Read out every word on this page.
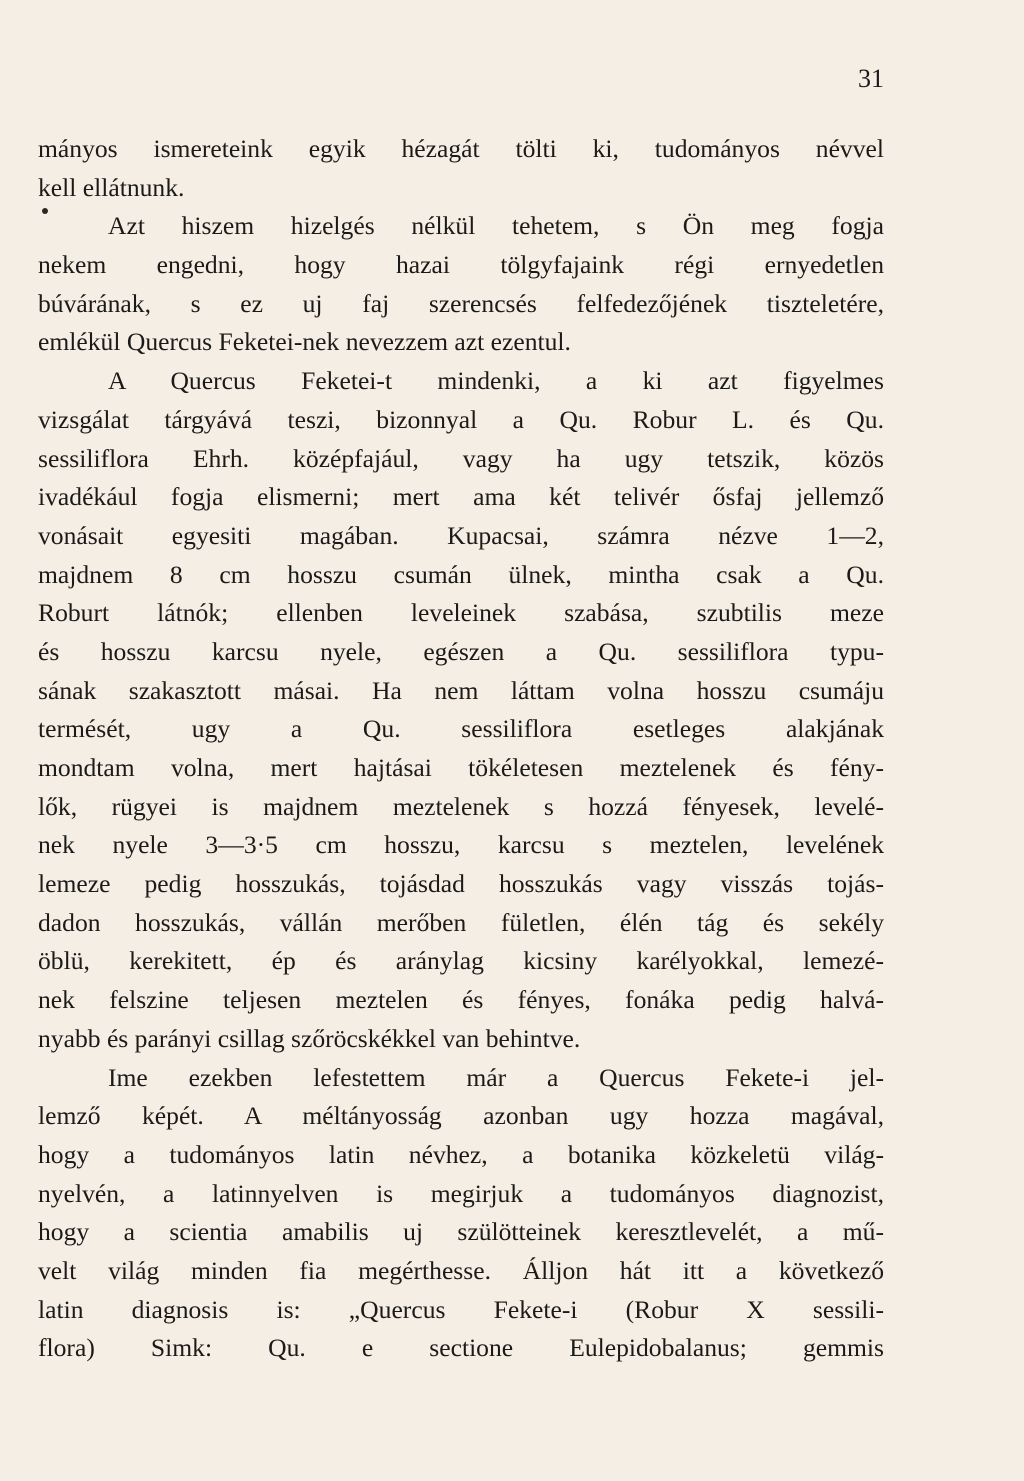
31
mányos ismereteink egyik hézagát tölti ki, tudományos névvel
kell ellátnunk.
Azt hiszem hizelgés nélkül tehetem, s Ön meg fogja
nekem engedni, hogy hazai tölgyfajaink régi ernyedetlen
búvárának, s ez uj faj szerencsés felfedezőjének tiszteletére,
emlékül Quercus Feketei-nek nevezzem azt ezentul.
A Quercus Feketei-t mindenki, a ki azt figyelmes
vizsgálat tárgyává teszi, bizonnyal a Qu. Robur L. és Qu.
sessiliflora Ehrh. középfajául, vagy ha ugy tetszik, közös
ivadékául fogja elismerni; mert ama két telivér ősfaj jellemző
vonásait egyesiti magában. Kupacsai, számra nézve 1—2,
majdnem 8 cm hosszu csumán ülnek, mintha csak a Qu.
Roburt látnók; ellenben leveleinek szabása, szubtilis meze
és hosszu karcsu nyele, egészen a Qu. sessiliflora typu-
sának szakasztott másai. Ha nem láttam volna hosszu csumáju
termését, ugy a Qu. sessiliflora esetleges alakjának
mondtam volna, mert hajtásai tökéletesen meztelenek és fény-
lők, rügyei is majdnem meztelenek s hozzá fényesek, levelé-
nek nyele 3—3·5 cm hosszu, karcsu s meztelen, levelének
lemeze pedig hosszukás, tojásdad hosszukás vagy visszás tojás-
dadon hosszukás, vállán merőben fületlen, élén tág és sekély
öblü, kerekitett, ép és aránylag kicsiny karélyokkal, lemezé-
nek felszine teljesen meztelen és fényes, fonáka pedig halvá-
nyabb és parányi csillag szőröcskékkel van behintve.
Ime ezekben lefestettem már a Quercus Fekete-i jel-
lemző képét. A méltányosság azonban ugy hozza magával,
hogy a tudományos latin névhez, a botanika közkeletü világ-
nyelvén, a latinnyelven is megirjuk a tudományos diagnozist,
hogy a scientia amabilis uj szülötteinek keresztlevelét, a mű-
velt világ minden fia megérthesse. Álljon hát itt a következő
latin diagnosis is: „Quercus Fekete-i (Robur X sessili-
flora) Simk: Qu. e sectione Eulepidobalanus; gemmis
